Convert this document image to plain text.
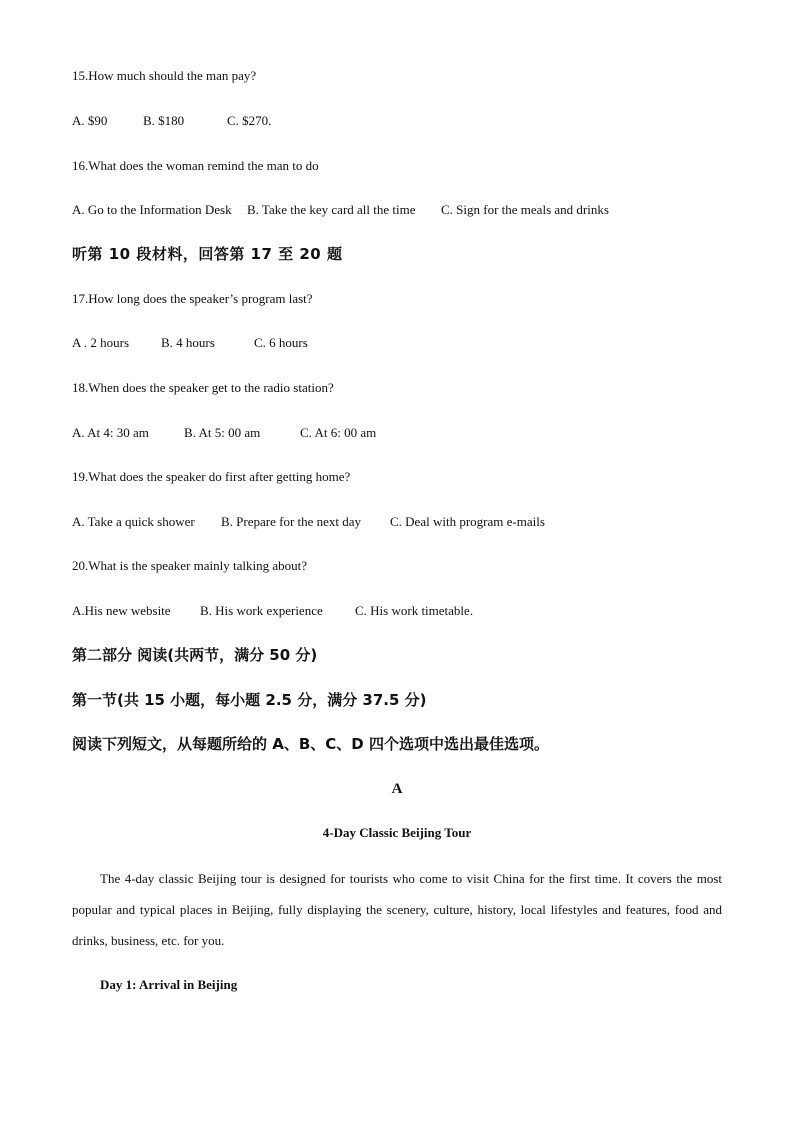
15.How much should the man pay?
A. $90	B. $180	C. $270.
16.What does the woman remind the man to do
A. Go to the Information Desk B. Take the key card all the time C. Sign for the meals and drinks
听第 10 段材料，回答第 17 至 20 题
17.How long does the speaker’s program last?
A . 2 hours B. 4 hours	C. 6 hours
18.When does the speaker get to the radio station?
A. At 4: 30 am	B. At 5: 00 am	C. At 6: 00 am
19.What does the speaker do first after getting home?
A. Take a quick shower B. Prepare for the next day C. Deal with program e-mails
20.What is the speaker mainly talking about?
A.His new website B. His work experience C. His work timetable.
第二部分 阅读(共两节，满分 50 分)
第一节(共 15 小题，每小题 2.5 分，满分 37.5 分)
阅读下列短文，从每题所给的 A、B、C、D 四个选项中选出最佳选项。
A
4-Day Classic Beijing Tour
The 4-day classic Beijing tour is designed for tourists who come to visit China for the first time. It covers the most popular and typical places in Beijing, fully displaying the scenery, culture, history, local lifestyles and features, food and drinks, business, etc. for you.
Day 1: Arrival in Beijing
